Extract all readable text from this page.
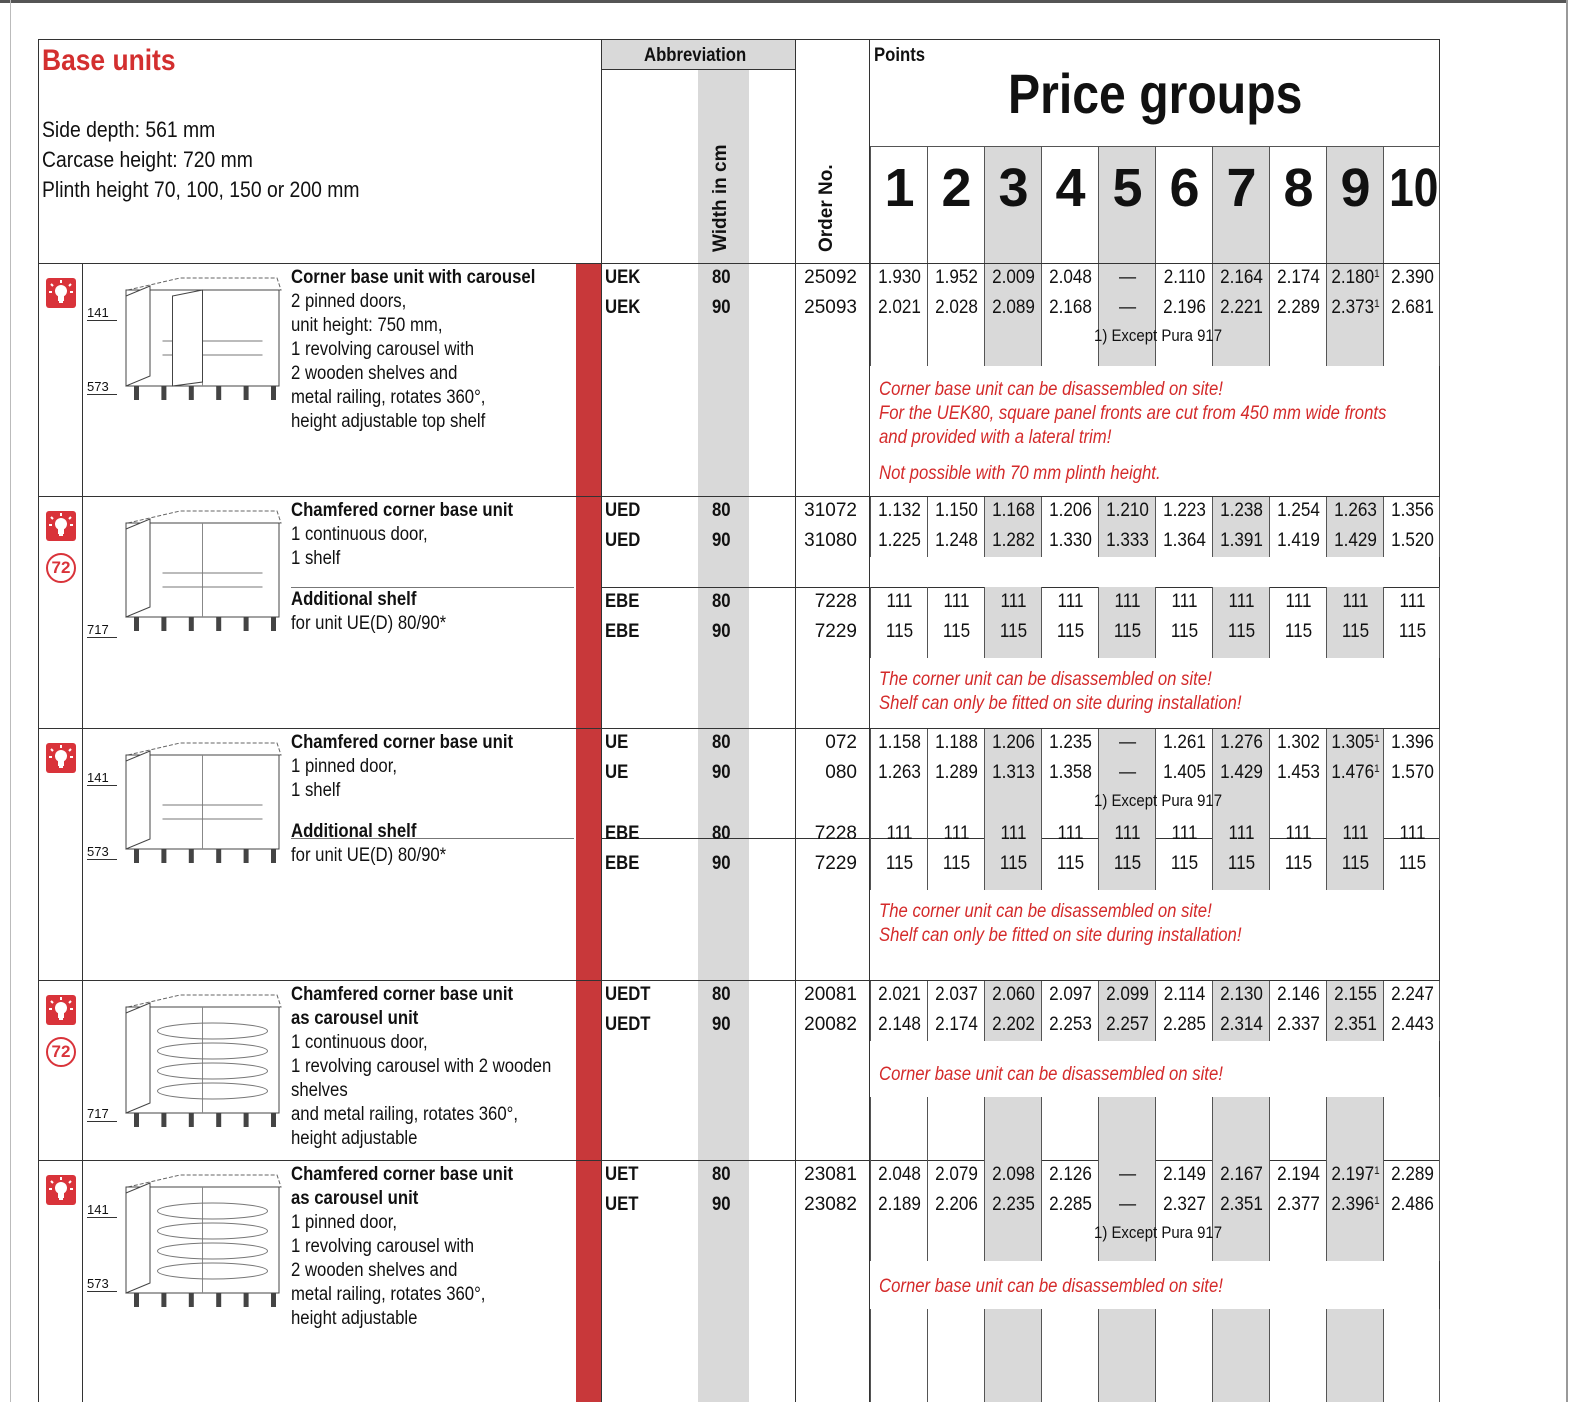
Base units
Side depth: 561 mm
Carcase height: 720 mm
Plinth height 70, 100, 150 or 200 mm
Abbreviation
Width in cm	Order No.
Points
Price groups
1 2 3 4 5 6 7 8 9 10
141
573
Corner base unit with carousel
2 pinned doors,
unit height: 750 mm,
1 revolving carousel with
2 wooden shelves and
metal railing, rotates 360°,
height adjustable top shelf
UEK	80	25092 1.930 1.952 2.009 2.048	—	2.110 2.164 2.174 2.180$^1$ 2.390
UEK	90	25093 2.021 2.028 2.089 2.168	—	2.196 2.221 2.289 2.373$^1$ 2.681
1) Except Pura 917
Corner base unit can be disassembled on site!
For the UEK80, square panel fronts are cut from 450 mm wide fronts
and provided with a lateral trim!
Not possible with 70 mm plinth height.
72
717
Chamfered corner base unit
1 continuous door,
1 shelf
UED	80	31072 1.132 1.150 1.168 1.206 1.210 1.223 1.238 1.254 1.263 1.356
UED	90	31080 1.225 1.248 1.282 1.330 1.333 1.364 1.391 1.419 1.429 1.520
Additional shelf
for unit UE(D) 80/90*
EBE	80	7228	111	111	111	111	111	111	111	111	111	111
EBE	90	7229	115	115	115	115	115	115	115	115	115	115
The corner unit can be disassembled on site!
Shelf can only be fitted on site during installation!
141
573
Chamfered corner base unit
1 pinned door,
1 shelf
UE	80	072 1.158 1.188 1.206 1.235	—	1.261 1.276 1.302 1.305$^1$ 1.396
UE	90	080 1.263 1.289 1.313 1.358	—	1.405 1.429 1.453 1.476$^1$ 1.570
1) Except Pura 917
Additional shelf
for unit UE(D) 80/90*
EBE	80	7228	111	111	111	111	111	111	111	111	111	111
EBE	90	7229	115	115	115	115	115	115	115	115	115	115
The corner unit can be disassembled on site!
Shelf can only be fitted on site during installation!
72
717
Chamfered corner base unit
as carousel unit
1 continuous door,
1 revolving carousel with 2 wooden
shelves
and metal railing, rotates 360°,
height adjustable
UEDT	80	20081 2.021 2.037 2.060 2.097 2.099 2.114 2.130 2.146 2.155 2.247
UEDT	90	20082 2.148 2.174 2.202 2.253 2.257 2.285 2.314 2.337 2.351 2.443
Corner base unit can be disassembled on site!
141
573
Chamfered corner base unit
as carousel unit
1 pinned door,
1 revolving carousel with
2 wooden shelves and
metal railing, rotates 360°,
height adjustable
UET	80	23081 2.048 2.079 2.098 2.126	—	2.149 2.167 2.194 2.197$^1$ 2.289
UET	90	23082 2.189 2.206 2.235 2.285	—	2.327 2.351 2.377 2.396$^1$ 2.486
1) Except Pura 917
Corner base unit can be disassembled on site!
